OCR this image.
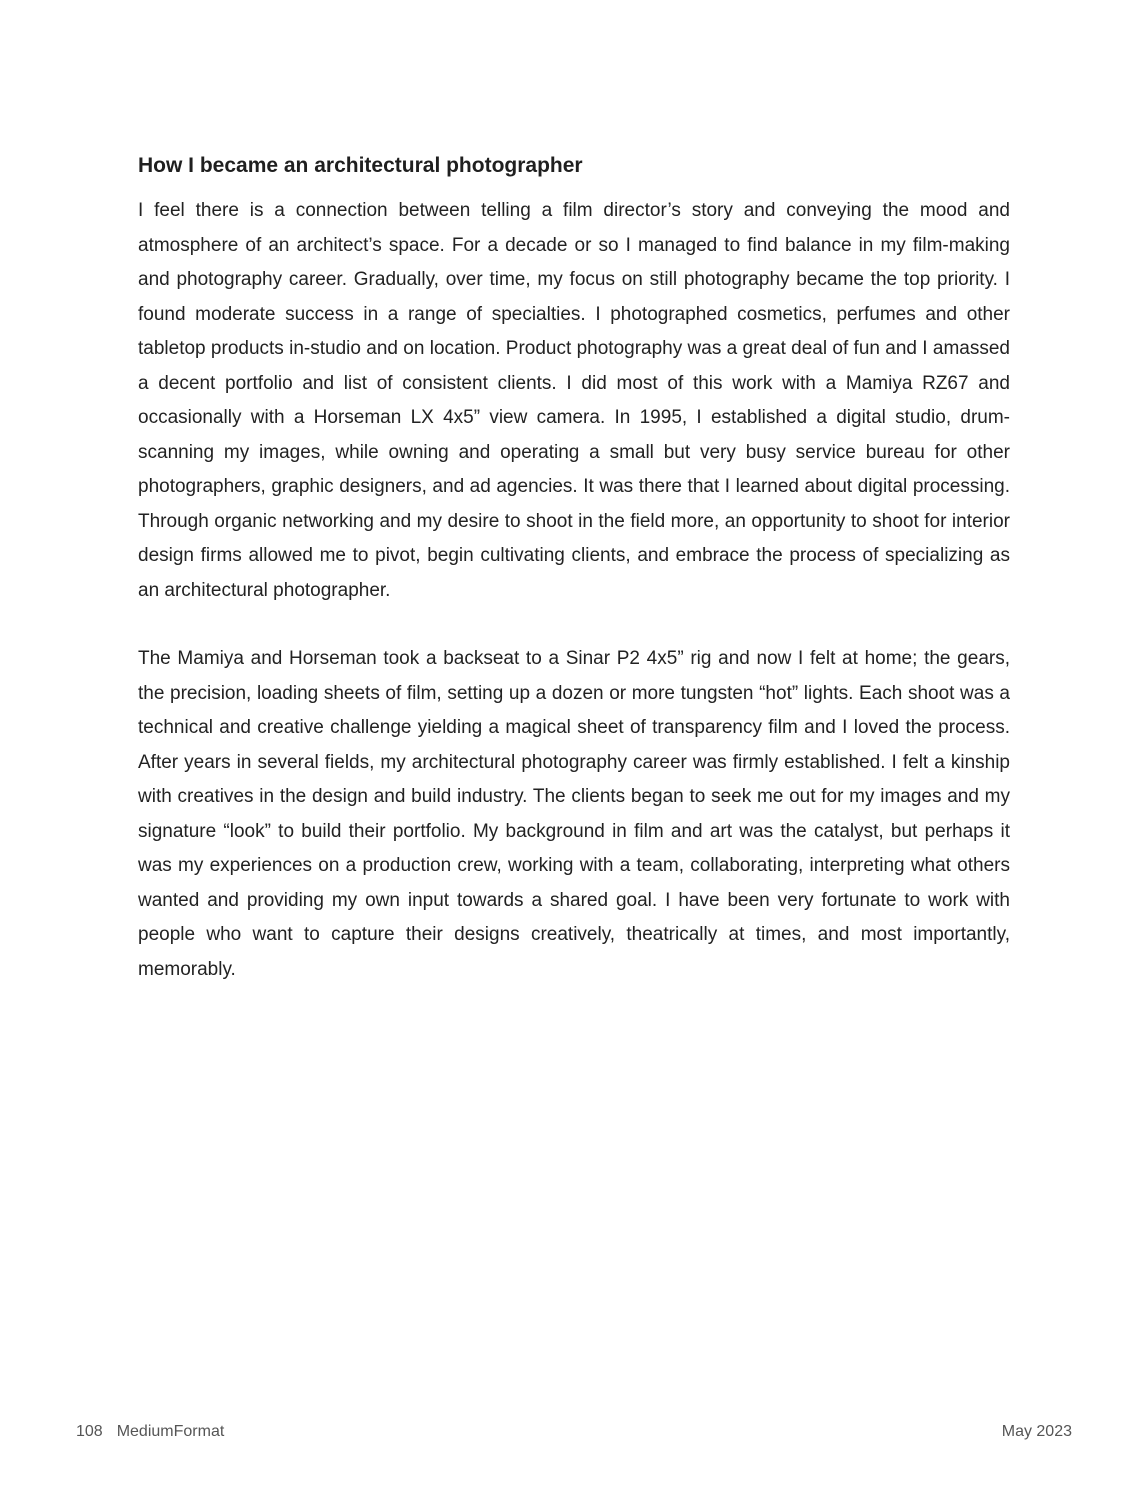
How I became an architectural photographer

I feel there is a connection between telling a film director’s story and conveying the mood and atmosphere of an architect’s space. For a decade or so I managed to find balance in my film-making and photography career. Gradually, over time, my focus on still photography became the top priority. I found moderate success in a range of specialties. I photographed cosmetics, perfumes and other tabletop products in-studio and on location. Product photography was a great deal of fun and I amassed a decent portfolio and list of consistent clients. I did most of this work with a Mamiya RZ67 and occasionally with a Horseman LX 4x5” view camera. In 1995, I established a digital studio, drum-scanning my images, while owning and operating a small but very busy service bureau for other photographers, graphic designers, and ad agencies. It was there that I learned about digital processing. Through organic networking and my desire to shoot in the field more, an opportunity to shoot for interior design firms allowed me to pivot, begin cultivating clients, and embrace the process of specializing as an architectural photographer.

The Mamiya and Horseman took a backseat to a Sinar P2 4x5” rig and now I felt at home; the gears, the precision, loading sheets of film, setting up a dozen or more tungsten “hot” lights. Each shoot was a technical and creative challenge yielding a magical sheet of transparency film and I loved the process. After years in several fields, my architectural photography career was firmly established. I felt a kinship with creatives in the design and build industry. The clients began to seek me out for my images and my signature “look” to build their portfolio. My background in film and art was the catalyst, but perhaps it was my experiences on a production crew, working with a team, collaborating, interpreting what others wanted and providing my own input towards a shared goal. I have been very fortunate to work with people who want to capture their designs creatively, theatrically at times, and most importantly, memorably.

108 MediumFormat	May 2023
